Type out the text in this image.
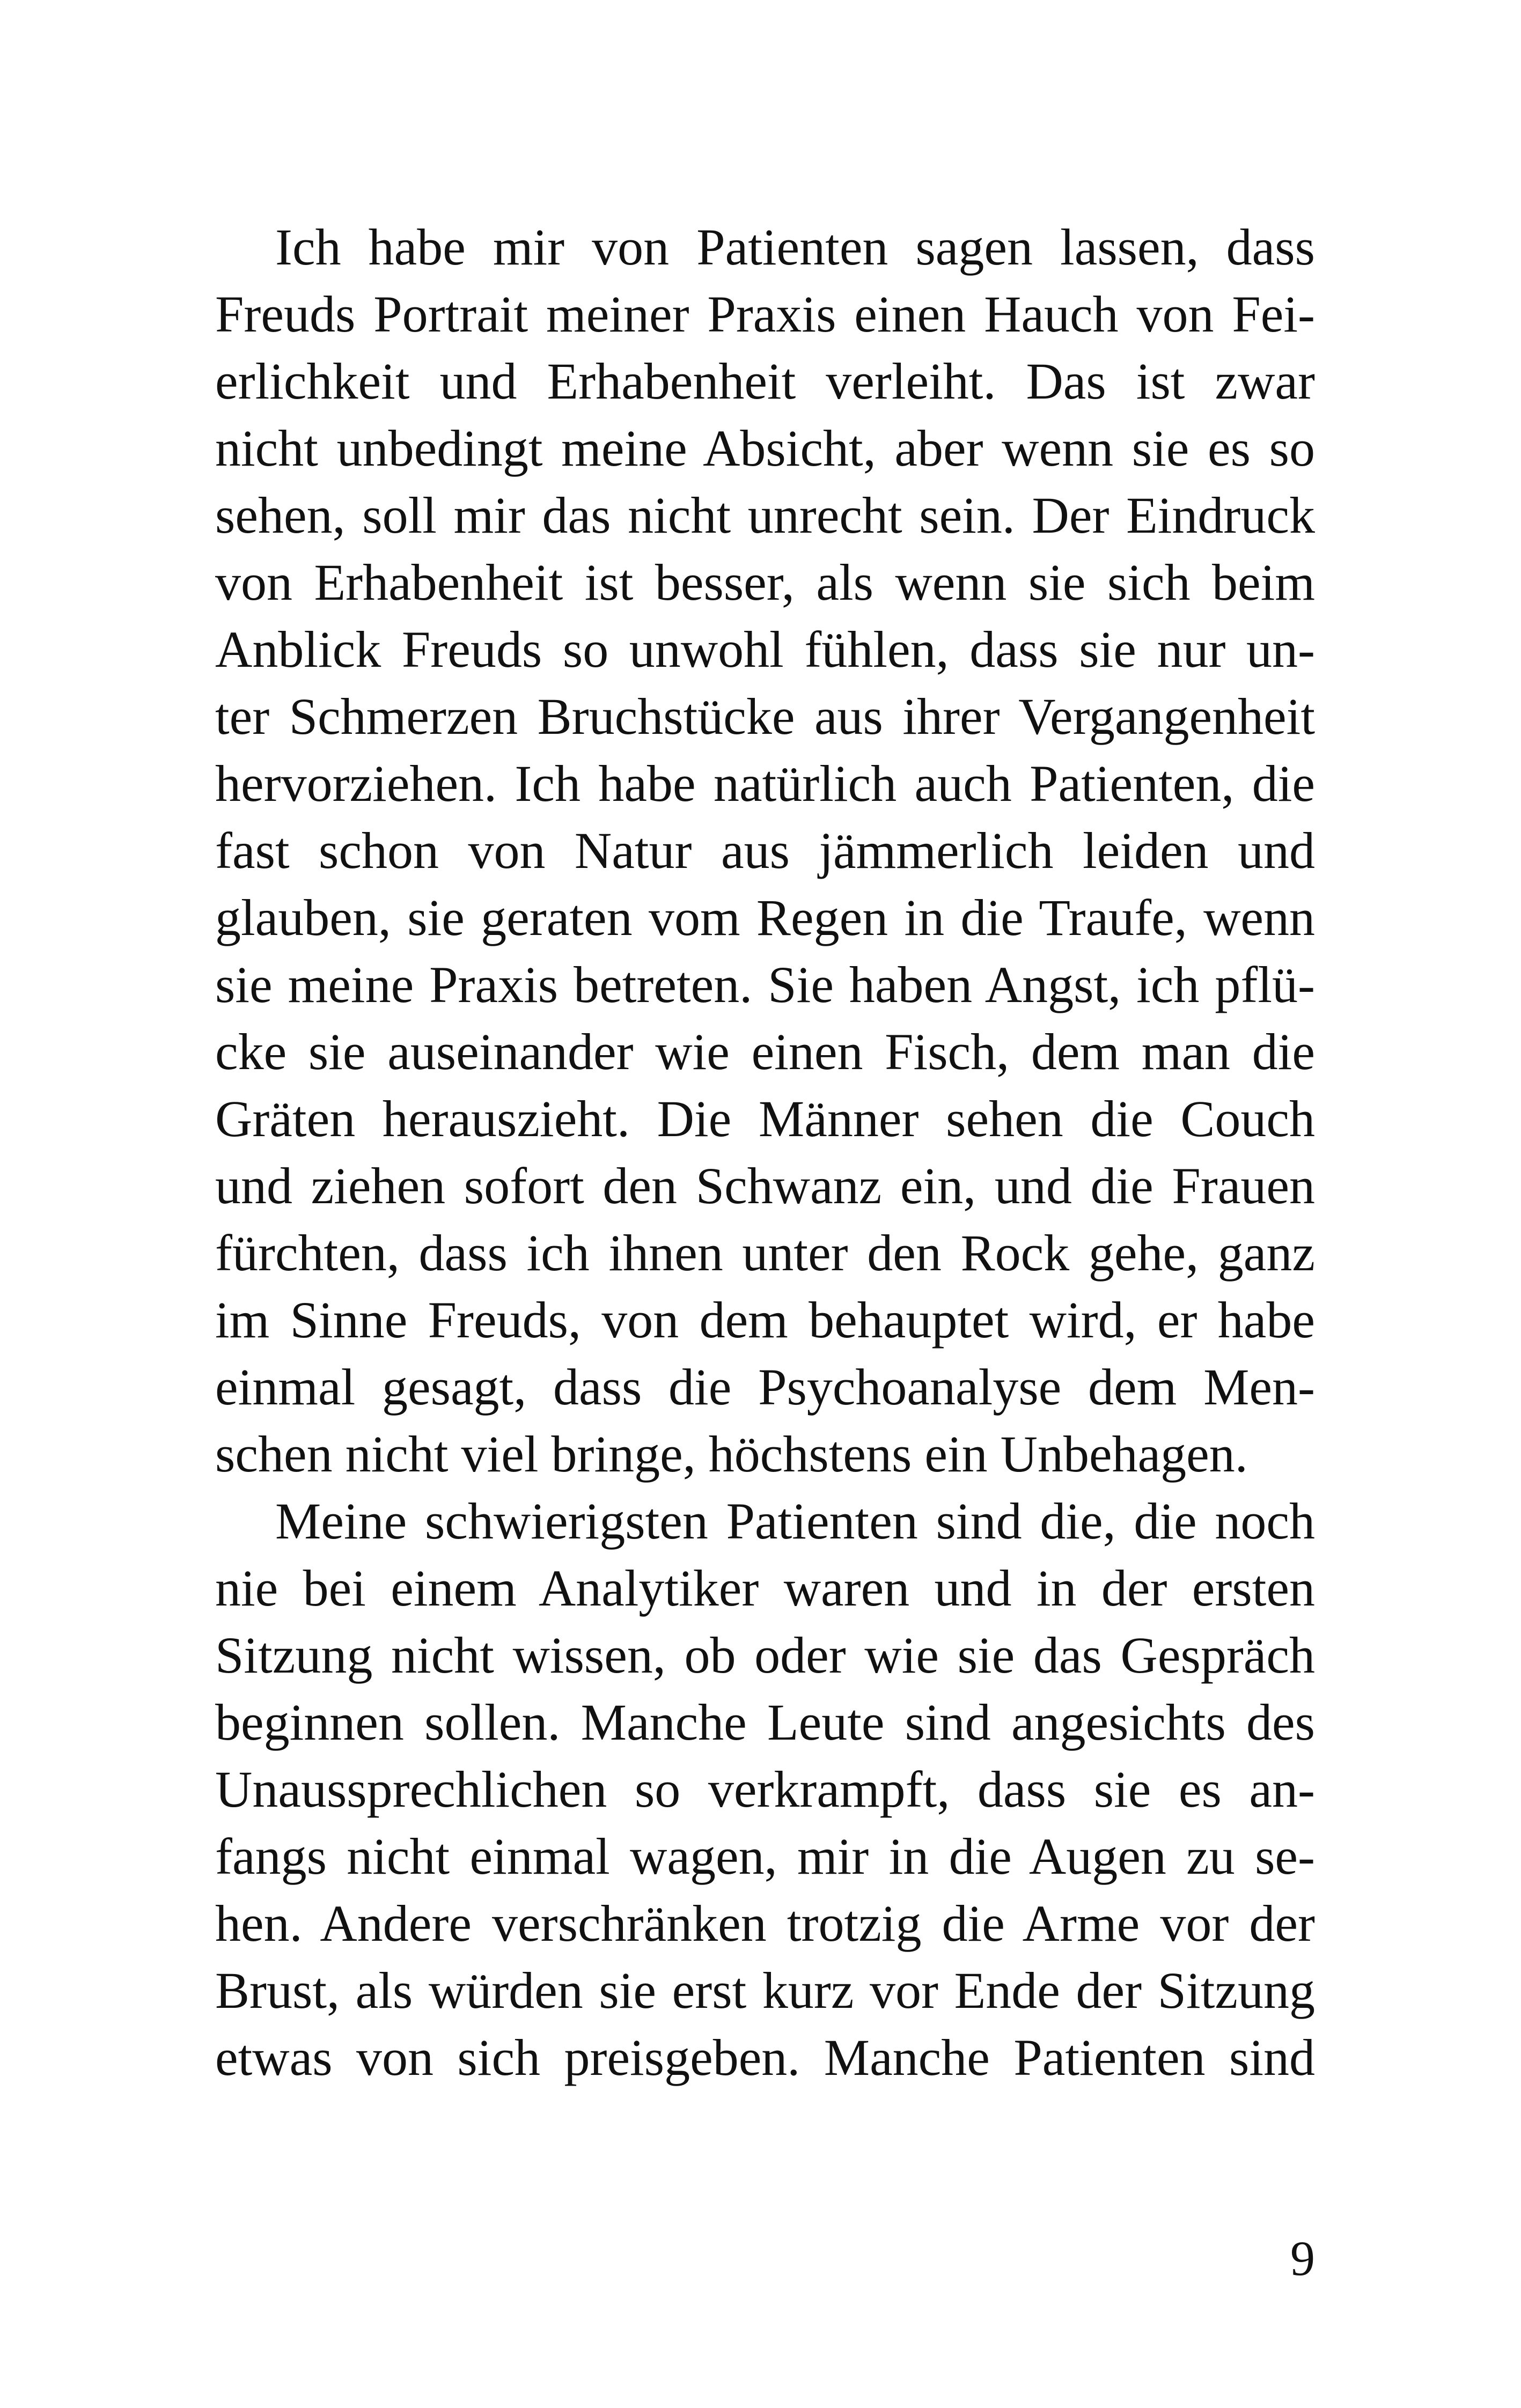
Ich habe mir von Patienten sagen lassen, dass
Freuds Portrait meiner Praxis einen Hauch von Fei-
erlichkeit und Erhabenheit verleiht. Das ist zwar
nicht unbedingt meine Absicht, aber wenn sie es so
sehen, soll mir das nicht unrecht sein. Der Eindruck
von Erhabenheit ist besser, als wenn sie sich beim
Anblick Freuds so unwohl fühlen, dass sie nur un-
ter Schmerzen Bruchstücke aus ihrer Vergangenheit
hervorziehen. Ich habe natürlich auch Patienten, die
fast schon von Natur aus jämmerlich leiden und
glauben, sie geraten vom Regen in die Traufe, wenn
sie meine Praxis betreten. Sie haben Angst, ich pflü-
cke sie auseinander wie einen Fisch, dem man die
Gräten herauszieht. Die Männer sehen die Couch
und ziehen sofort den Schwanz ein, und die Frauen
fürchten, dass ich ihnen unter den Rock gehe, ganz
im Sinne Freuds, von dem behauptet wird, er habe
einmal gesagt, dass die Psychoanalyse dem Men-
schen nicht viel bringe, höchstens ein Unbehagen.
Meine schwierigsten Patienten sind die, die noch
nie bei einem Analytiker waren und in der ersten
Sitzung nicht wissen, ob oder wie sie das Gespräch
beginnen sollen. Manche Leute sind angesichts des
Unaussprechlichen so verkrampft, dass sie es an-
fangs nicht einmal wagen, mir in die Augen zu se-
hen. Andere verschränken trotzig die Arme vor der
Brust, als würden sie erst kurz vor Ende der Sitzung
etwas von sich preisgeben. Manche Patienten sind
9
